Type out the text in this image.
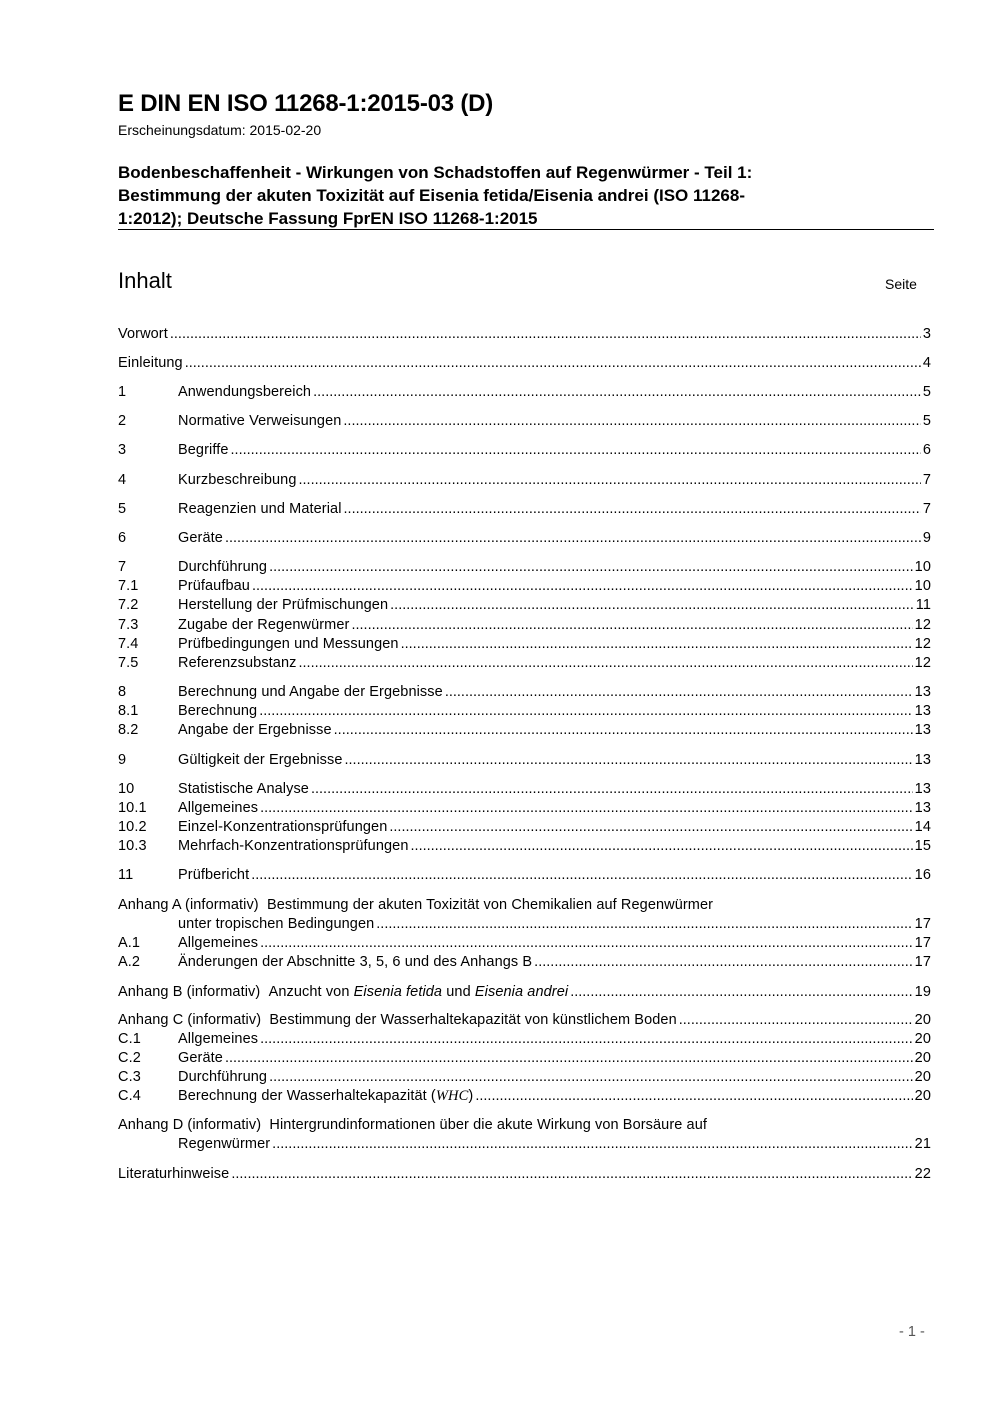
E DIN EN ISO 11268-1:2015-03 (D)
Erscheinungsdatum: 2015-02-20
Bodenbeschaffenheit - Wirkungen von Schadstoffen auf Regenwürmer - Teil 1:
Bestimmung der akuten Toxizität auf Eisenia fetida/Eisenia andrei (ISO 11268-
1:2012); Deutsche Fassung FprEN ISO 11268-1:2015
Inhalt	Seite
Vorwort .....	3
Einleitung .....	4
1	Anwendungsbereich .....	5
2	Normative Verweisungen .....	5
3	Begriffe .....	6
4	Kurzbeschreibung .....	7
5	Reagenzien und Material .....	7
6	Geräte .....	9
7	Durchführung .....	10
7.1	Prüfaufbau .....	10
7.2	Herstellung der Prüfmischungen .....	11
7.3	Zugabe der Regenwürmer .....	12
7.4	Prüfbedingungen und Messungen .....	12
7.5	Referenzsubstanz .....	12
8	Berechnung und Angabe der Ergebnisse .....	13
8.1	Berechnung .....	13
8.2	Angabe der Ergebnisse .....	13
9	Gültigkeit der Ergebnisse .....	13
10	Statistische Analyse .....	13
10.1	Allgemeines .....	13
10.2	Einzel-Konzentrationsprüfungen .....	14
10.3	Mehrfach-Konzentrationsprüfungen .....	15
11	Prüfbericht .....	16
Anhang A (informativ) Bestimmung der akuten Toxizität von Chemikalien auf Regenwürmer
unter tropischen Bedingungen .....	17
A.1	Allgemeines .....	17
A.2	Änderungen der Abschnitte 3, 5, 6 und des Anhangs B .....	17
Anhang B (informativ) Anzucht von Eisenia fetida und Eisenia andrei .....	19
Anhang C (informativ) Bestimmung der Wasserhaltekapazität von künstlichem Boden .....	20
C.1	Allgemeines .....	20
C.2	Geräte .....	20
C.3	Durchführung .....	20
C.4	Berechnung der Wasserhaltekapazität (WHC) .....	20
Anhang D (informativ) Hintergrundinformationen über die akute Wirkung von Borsäure auf
Regenwürmer .....	21
Literaturhinweise .....	22
- 1 -
